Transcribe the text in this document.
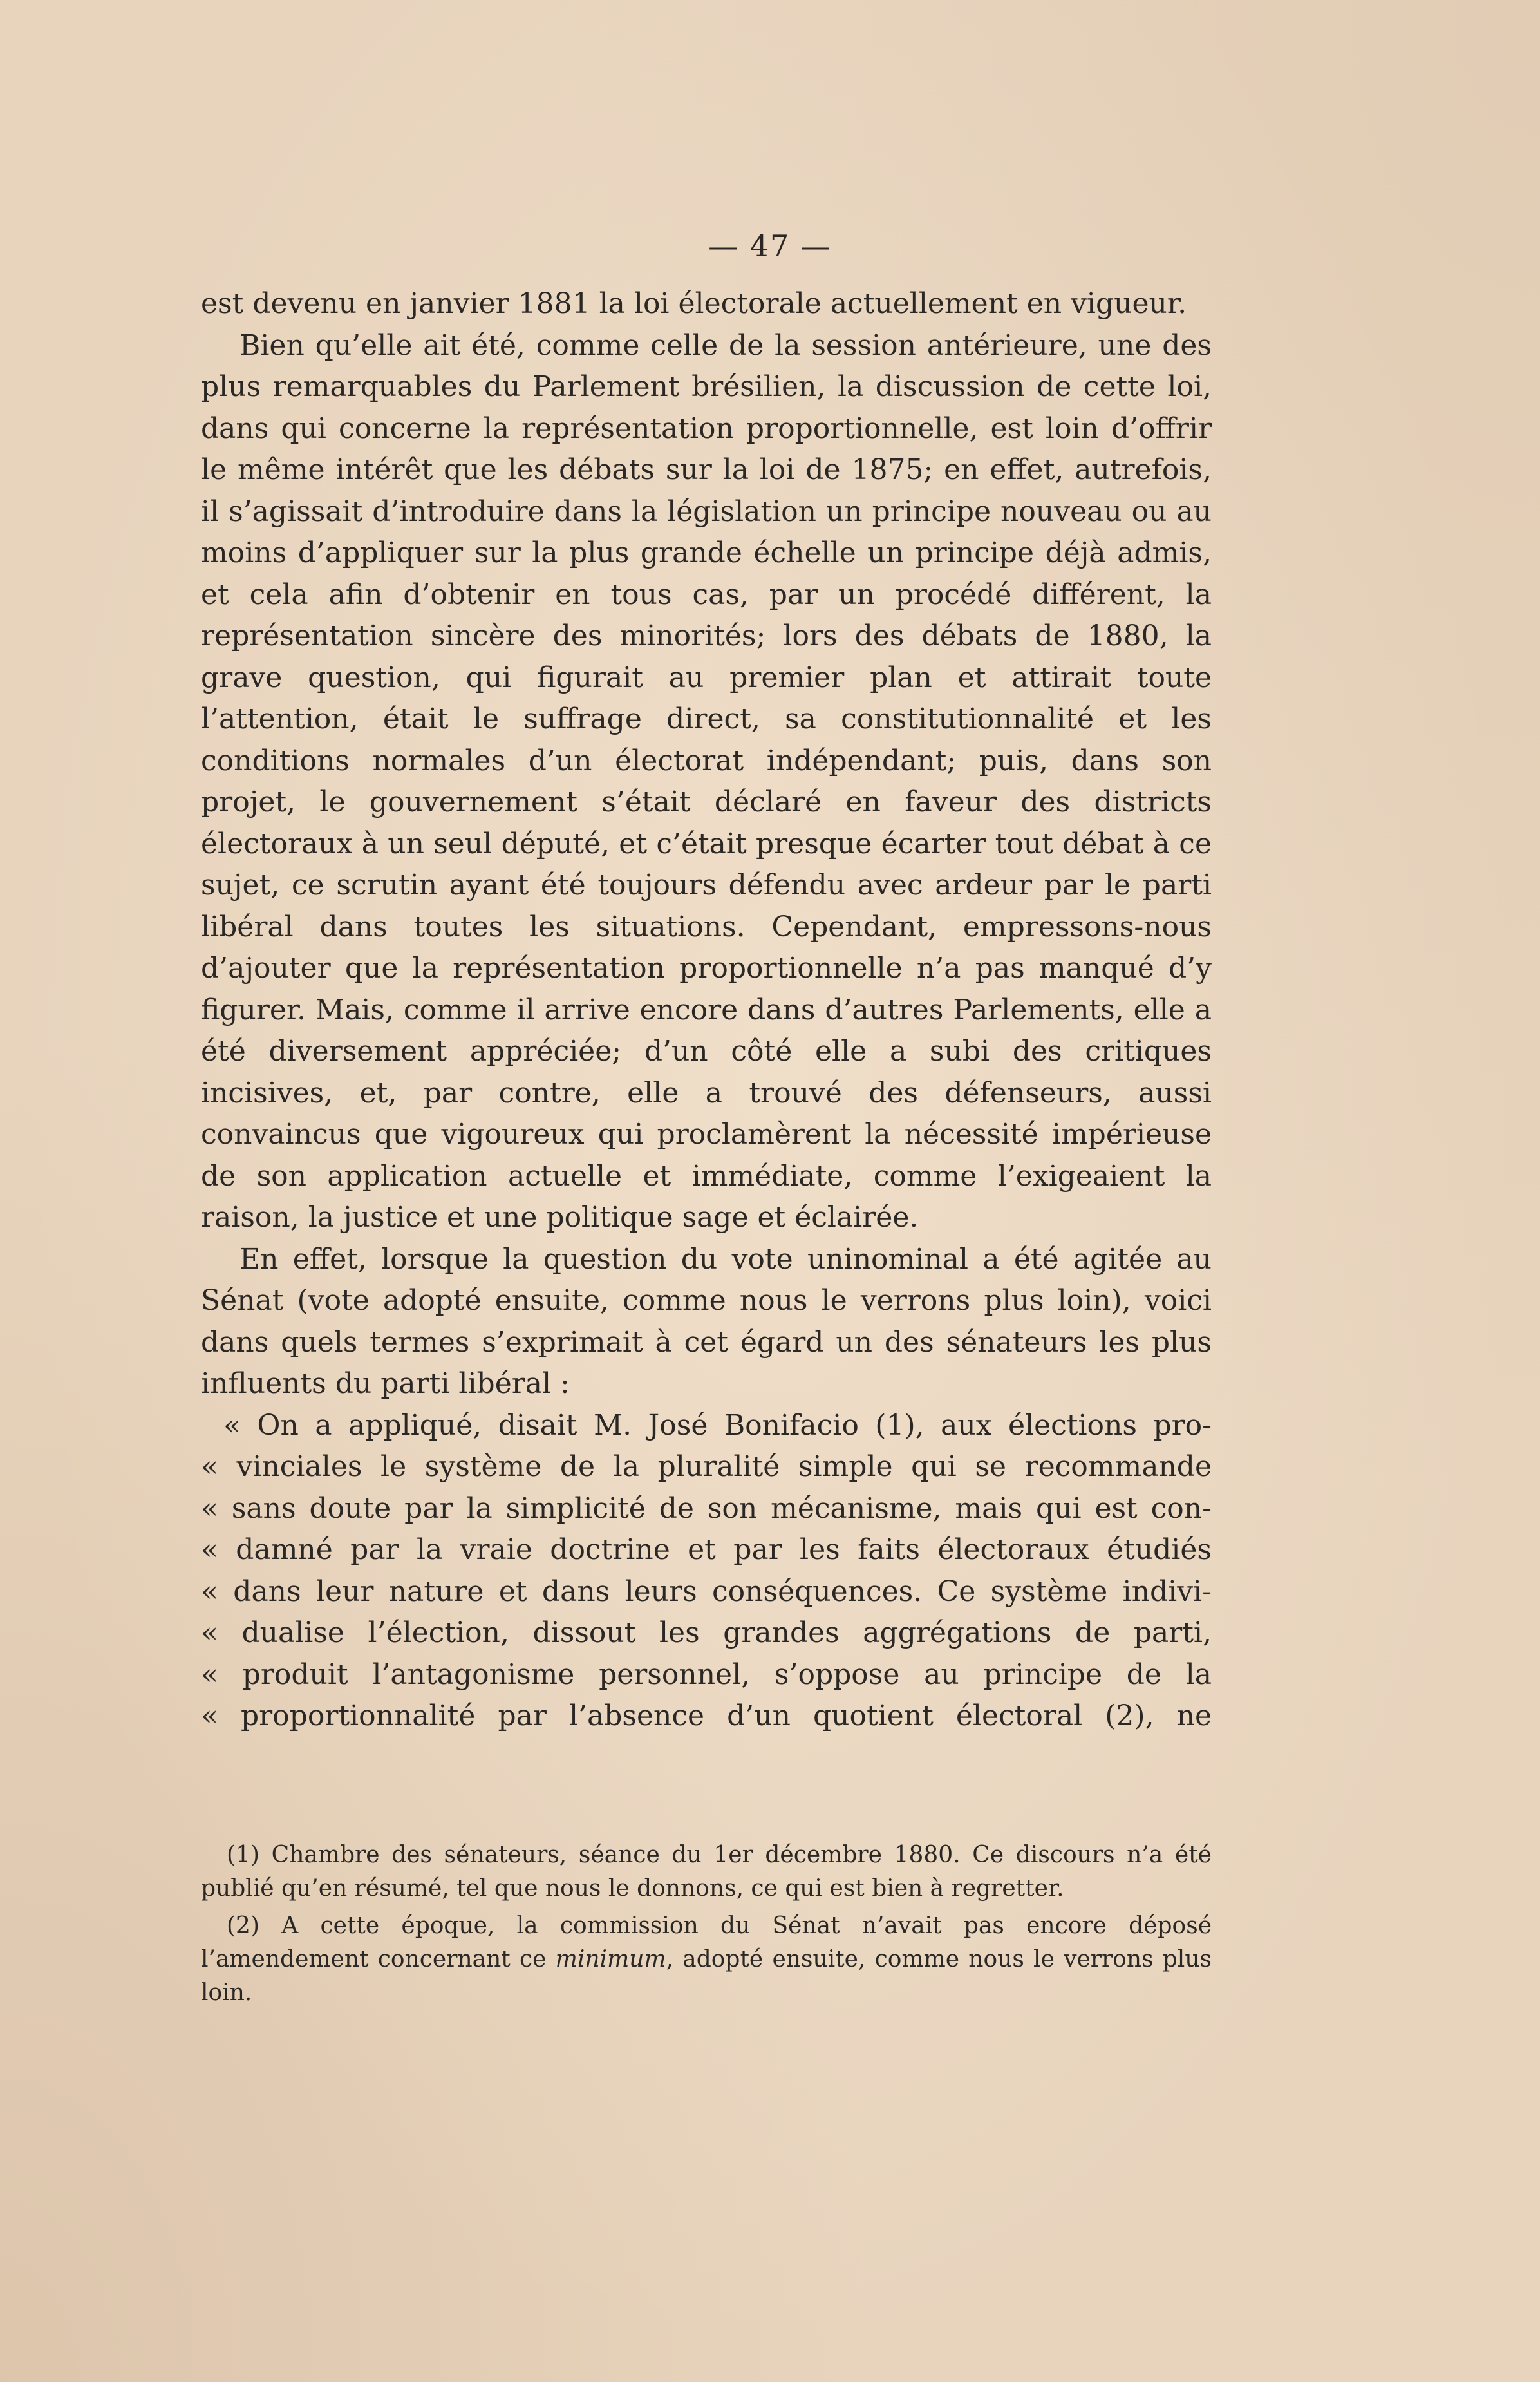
— 47 —

est devenu en janvier 1881 la loi électorale actuellement en vigueur.

Bien qu’elle ait été, comme celle de la session antérieure, une des plus remarquables du Parlement brésilien, la discussion de cette loi, dans qui concerne la représentation proportionnelle, est loin d’offrir le même intérêt que les débats sur la loi de 1875; en effet, autrefois, il s’agissait d’introduire dans la législation un principe nouveau ou au moins d’appliquer sur la plus grande échelle un principe déjà admis, et cela afin d’obtenir en tous cas, par un procédé différent, la représentation sincère des minorités; lors des débats de 1880, la grave question, qui figurait au premier plan et attirait toute l’attention, était le suffrage direct, sa constitutionnalité et les conditions normales d’un électorat indépendant; puis, dans son projet, le gouvernement s’était déclaré en faveur des districts électoraux à un seul député, et c’était presque écarter tout débat à ce sujet, ce scrutin ayant été toujours défendu avec ardeur par le parti libéral dans toutes les situations. Cependant, empressons-nous d’ajouter que la représentation proportionnelle n’a pas manqué d’y figurer. Mais, comme il arrive encore dans d’autres Parlements, elle a été diversement appréciée; d’un côté elle a subi des critiques incisives, et, par contre, elle a trouvé des défenseurs, aussi convaincus que vigoureux qui proclamèrent la nécessité impérieuse de son application actuelle et immédiate, comme l’exigeaient la raison, la justice et une politique sage et éclairée.

En effet, lorsque la question du vote uninominal a été agitée au Sénat (vote adopté ensuite, comme nous le verrons plus loin), voici dans quels termes s’exprimait à cet égard un des sénateurs les plus influents du parti libéral :

« On a appliqué, disait M. José Bonifacio (1), aux élections pro-
« vinciales le système de la pluralité simple qui se recommande
« sans doute par la simplicité de son mécanisme, mais qui est con-
« damné par la vraie doctrine et par les faits électoraux étudiés
« dans leur nature et dans leurs conséquences. Ce système indivi-
« dualise l’élection, dissout les grandes aggrégations de parti,
« produit l’antagonisme personnel, s’oppose au principe de la
« proportionnalité par l’absence d’un quotient électoral (2), ne

(1) Chambre des sénateurs, séance du 1er décembre 1880. Ce discours n’a été publié qu’en résumé, tel que nous le donnons, ce qui est bien à regretter.

(2) A cette époque, la commission du Sénat n’avait pas encore déposé l’amendement concernant ce minimum, adopté ensuite, comme nous le verrons plus loin.
